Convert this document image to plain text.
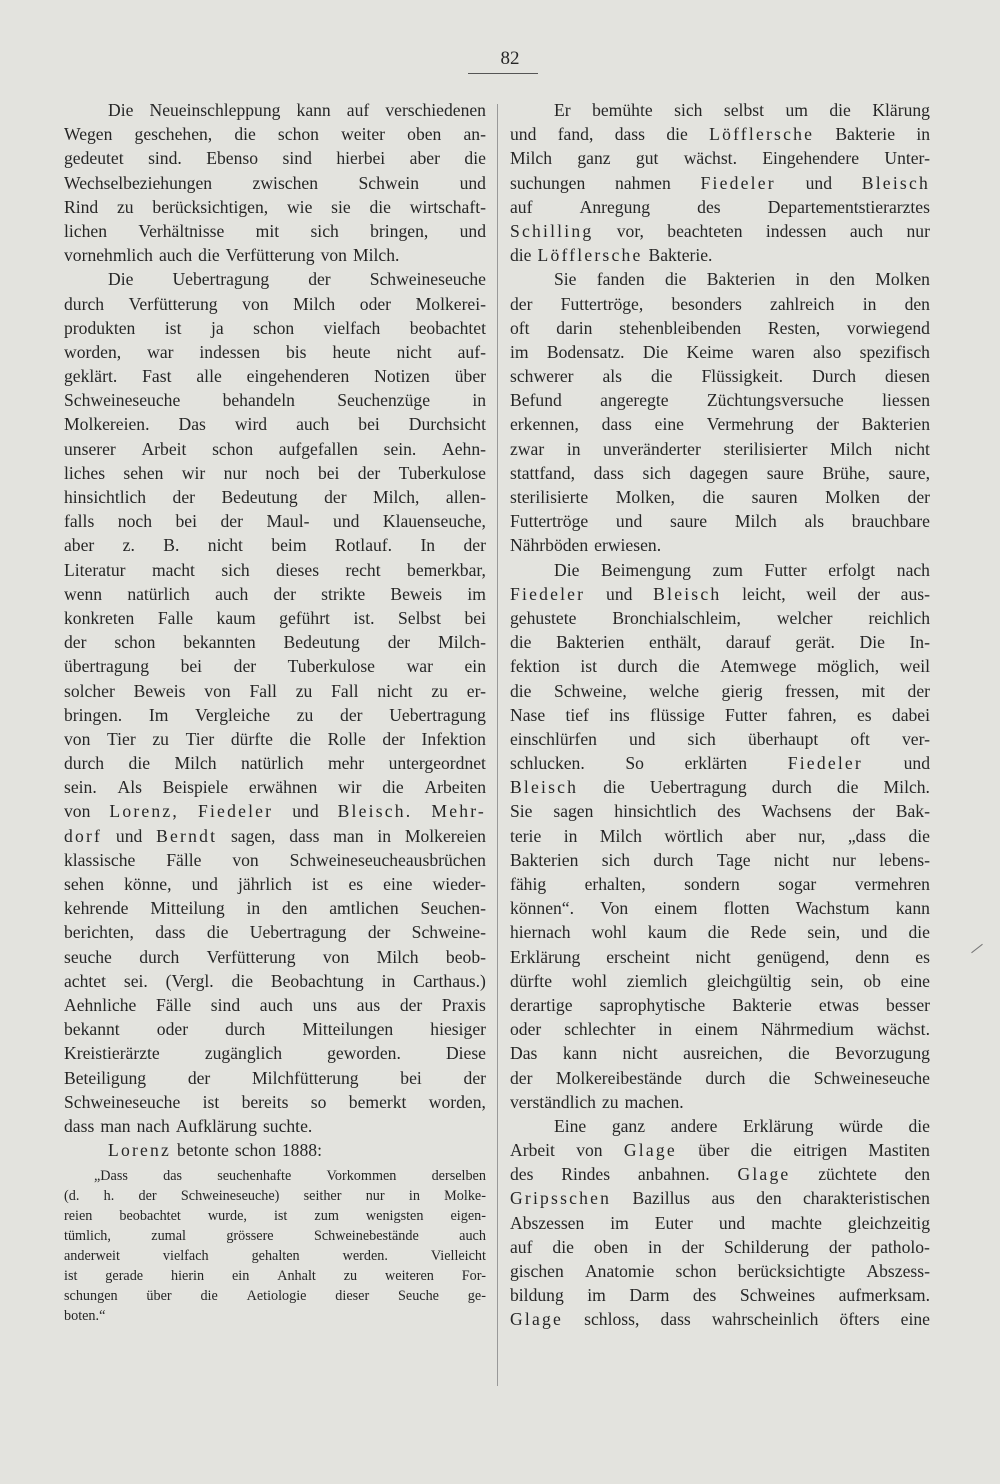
82
Die Neueinschleppung kann auf verschiedenen
Wegen geschehen, die schon weiter oben an-
gedeutet sind. Ebenso sind hierbei aber die
Wechselbeziehungen zwischen Schwein und
Rind zu berücksichtigen, wie sie die wirtschaft-
lichen Verhältnisse mit sich bringen, und
vornehmlich auch die Verfütterung von Milch.
Die Uebertragung der Schweineseuche
durch Verfütterung von Milch oder Molkerei-
produkten ist ja schon vielfach beobachtet
worden, war indessen bis heute nicht auf-
geklärt. Fast alle eingehenderen Notizen über
Schweineseuche behandeln Seuchenzüge in
Molkereien. Das wird auch bei Durchsicht
unserer Arbeit schon aufgefallen sein. Aehn-
liches sehen wir nur noch bei der Tuberkulose
hinsichtlich der Bedeutung der Milch, allen-
falls noch bei der Maul- und Klauenseuche,
aber z. B. nicht beim Rotlauf. In der
Literatur macht sich dieses recht bemerkbar,
wenn natürlich auch der strikte Beweis im
konkreten Falle kaum geführt ist. Selbst bei
der schon bekannten Bedeutung der Milch-
übertragung bei der Tuberkulose war ein
solcher Beweis von Fall zu Fall nicht zu er-
bringen. Im Vergleiche zu der Uebertragung
von Tier zu Tier dürfte die Rolle der Infektion
durch die Milch natürlich mehr untergeordnet
sein. Als Beispiele erwähnen wir die Arbeiten
von Lorenz, Fiedeler und Bleisch. Mehr-
dorf und Berndt sagen, dass man in Molkereien
klassische Fälle von Schweineseucheausbrüchen
sehen könne, und jährlich ist es eine wieder-
kehrende Mitteilung in den amtlichen Seuchen-
berichten, dass die Uebertragung der Schweine-
seuche durch Verfütterung von Milch beob-
achtet sei. (Vergl. die Beobachtung in Carthaus.)
Aehnliche Fälle sind auch uns aus der Praxis
bekannt oder durch Mitteilungen hiesiger
Kreistierärzte	zugänglich	geworden.	Diese
Beteiligung der Milchfütterung bei der
Schweineseuche ist bereits so bemerkt worden,
dass man nach Aufklärung suchte.
Lorenz betonte schon 1888:
„Dass das seuchenhafte Vorkommen derselben
(d. h. der Schweineseuche) seither nur in Molke-
reien beobachtet wurde, ist zum wenigsten eigen-
tümlich,	zumal	grössere	Schweinebestände	auch
anderweit	vielfach	gehalten	werden.	Vielleicht
ist gerade hierin ein Anhalt zu weiteren For-
schungen über die Aetiologie dieser Seuche ge-
boten.“
Er bemühte sich selbst um die Klärung
und fand, dass die Löfflersche Bakterie in
Milch ganz gut wächst. Eingehendere Unter-
suchungen nahmen Fiedeler und Bleisch
auf	Anregung	des	Departementstierarztes
Schilling vor, beachteten indessen auch nur
die Löfflersche Bakterie.
Sie fanden die Bakterien in den Molken
der Futtertröge, besonders zahlreich in den
oft darin stehenbleibenden Resten, vorwiegend
im Bodensatz. Die Keime waren also spezifisch
schwerer als die Flüssigkeit. Durch diesen
Befund angeregte Züchtungsversuche liessen
erkennen, dass eine Vermehrung der Bakterien
zwar in unveränderter sterilisierter Milch nicht
stattfand, dass sich dagegen saure Brühe, saure,
sterilisierte Molken, die sauren Molken der
Futtertröge und saure Milch als brauchbare
Nährböden erwiesen.
Die Beimengung zum Futter erfolgt nach
Fiedeler und Bleisch leicht, weil der aus-
gehustete Bronchialschleim, welcher reichlich
die Bakterien enthält, darauf gerät. Die In-
fektion ist durch die Atemwege möglich, weil
die Schweine, welche gierig fressen, mit der
Nase tief ins flüssige Futter fahren, es dabei
einschlürfen und sich überhaupt oft ver-
schlucken. So erklärten Fiedeler und
Bleisch die Uebertragung durch die Milch.
Sie sagen hinsichtlich des Wachsens der Bak-
terie in Milch wörtlich aber nur, „dass die
Bakterien sich durch Tage nicht nur lebens-
fähig erhalten, sondern sogar vermehren
können“. Von einem flotten Wachstum kann
hiernach wohl kaum die Rede sein, und die
Erklärung erscheint nicht genügend, denn es
dürfte wohl ziemlich gleichgültig sein, ob eine
derartige saprophytische Bakterie etwas besser
oder schlechter in einem Nährmedium wächst.
Das kann nicht ausreichen, die Bevorzugung
der Molkereibestände durch die Schweineseuche
verständlich zu machen.
Eine ganz andere Erklärung würde die
Arbeit von Glage über die eitrigen Mastiten
des Rindes anbahnen. Glage züchtete den
Gripsschen Bazillus aus den charakteristischen
Abszessen im Euter und machte gleichzeitig
auf die oben in der Schilderung der patholo-
gischen Anatomie schon berücksichtigte Abszess-
bildung im Darm des Schweines aufmerksam.
Glage schloss, dass wahrscheinlich öfters eine
